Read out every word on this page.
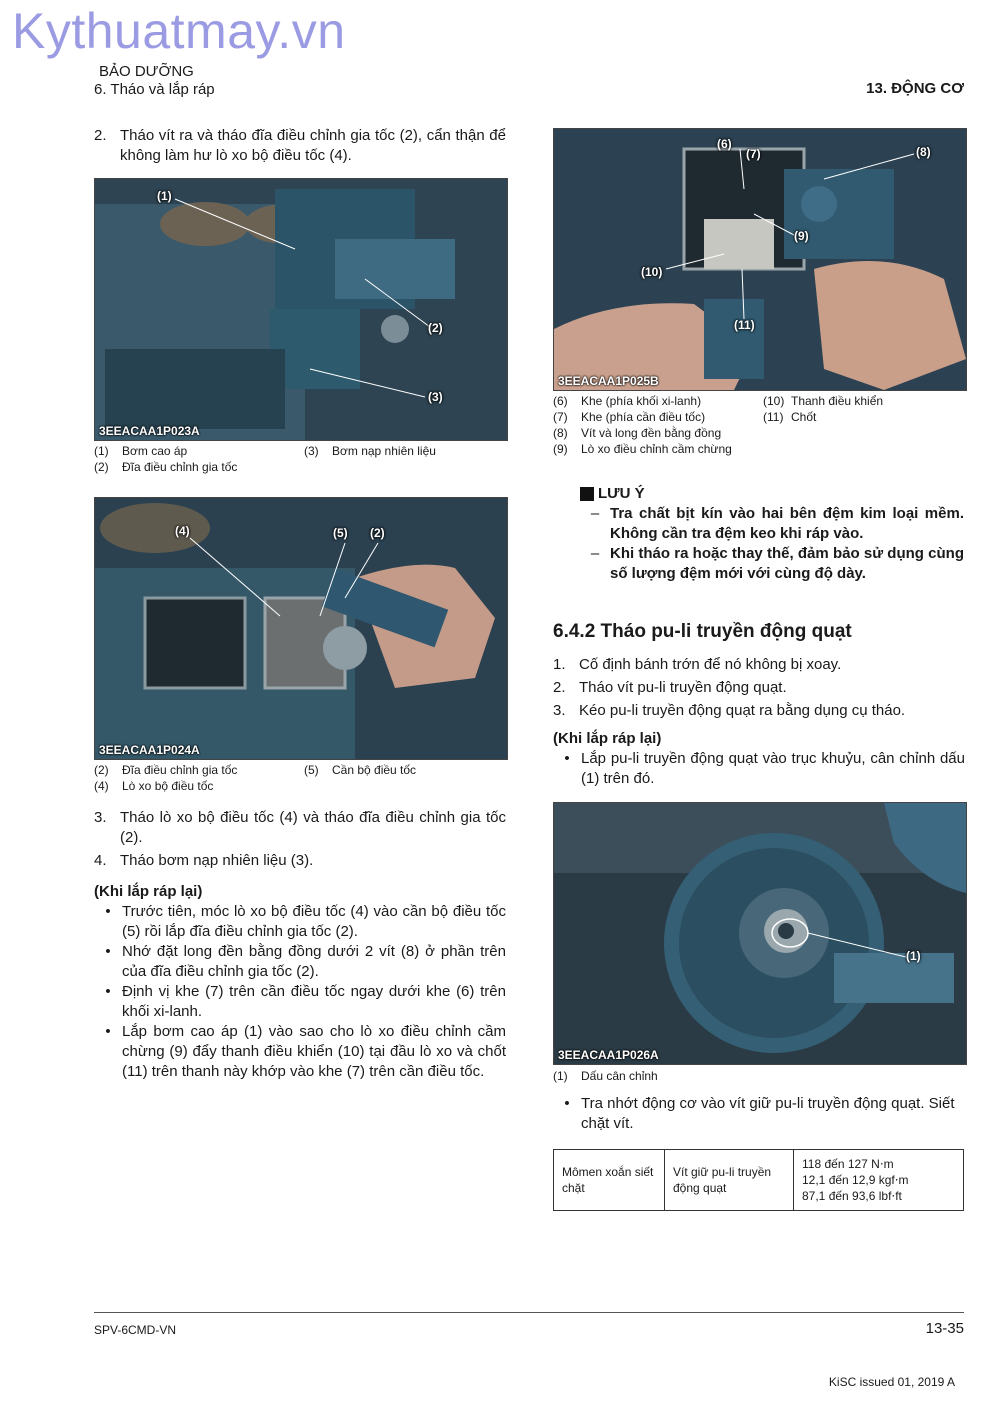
Kythuatmay.vn
BẢO DƯỠNG
6. Tháo và lắp ráp	13. ĐỘNG CƠ
2. Tháo vít ra và tháo đĩa điều chỉnh gia tốc (2), cẩn thận để không làm hư lò xo bộ điều tốc (4).
(1)
(2)
(3)
3EEACAA1P023A
(1)	Bơm cao áp	(3)	Bơm nạp nhiên liệu
(2)	Đĩa điều chỉnh gia tốc
(4)	(5) (2)
3EEACAA1P024A
(2)	Đĩa điều chỉnh gia tốc	(5)	Cần bộ điều tốc
(4)	Lò xo bộ điều tốc
3. Tháo lò xo bộ điều tốc (4) và tháo đĩa điều chỉnh gia tốc (2).
4. Tháo bơm nạp nhiên liệu (3).
(Khi lắp ráp lại)
• Trước tiên, móc lò xo bộ điều tốc (4) vào cần bộ điều tốc (5) rồi lắp đĩa điều chỉnh gia tốc (2).
• Nhớ đặt long đền bằng đồng dưới 2 vít (8) ở phần trên của đĩa điều chỉnh gia tốc (2).
• Định vị khe (7) trên cần điều tốc ngay dưới khe (6) trên khối xi-lanh.
• Lắp bơm cao áp (1) vào sao cho lò xo điều chỉnh cầm chừng (9) đẩy thanh điều khiển (10) tại đầu lò xo và chốt (11) trên thanh này khớp vào khe (7) trên cần điều tốc.
(6)
(7)	(8)
(9)
(10)
(11)
3EEACAA1P025B
(6)	Khe (phía khối xi-lanh)	(10) Thanh điều khiển
(7)	Khe (phía cần điều tốc)	(11) Chốt
(8)	Vít và long đền bằng đồng
(9)	Lò xo điều chỉnh cầm chừng
LƯU Ý
– Tra chất bịt kín vào hai bên đệm kim loại mềm. Không cần tra đệm keo khi ráp vào.
– Khi tháo ra hoặc thay thế, đảm bảo sử dụng cùng số lượng đệm mới với cùng độ dày.
6.4.2 Tháo pu-li truyền động quạt
1. Cố định bánh trớn để nó không bị xoay.
2. Tháo vít pu-li truyền động quạt.
3. Kéo pu-li truyền động quạt ra bằng dụng cụ tháo.
(Khi lắp ráp lại)
• Lắp pu-li truyền động quạt vào trục khuỷu, cân chỉnh dấu (1) trên đó.
(1)
3EEACAA1P026A
(1)	Dấu cân chỉnh
• Tra nhớt động cơ vào vít giữ pu-li truyền động quạt. Siết chặt vít.
Mômen xoắn siết chặt	Vít giữ pu-li truyền động quạt	
118 đến 127 N⋅m
12,1 đến 12,9 kgf⋅m
87,1 đến 93,6 lbf⋅ft
SPV-6CMD-VN	13-35
KiSC issued 01, 2019 A
